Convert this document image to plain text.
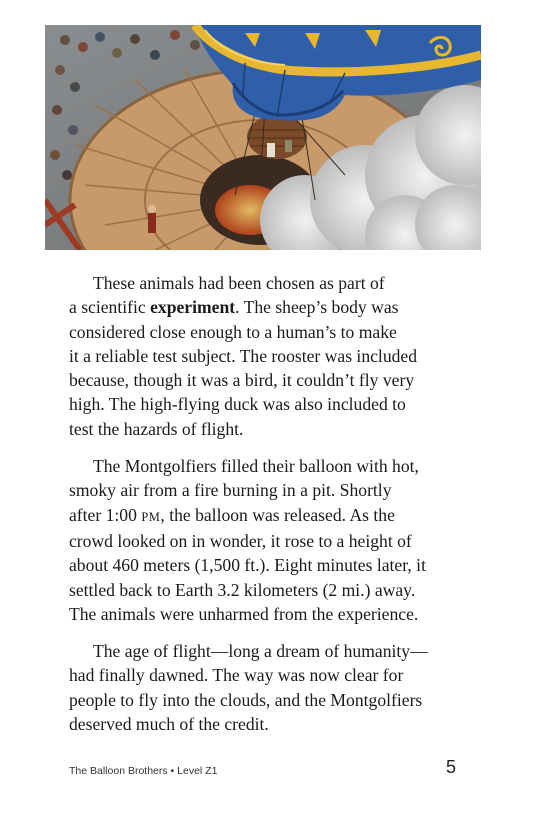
These animals had been chosen as part of
a scientific experiment. The sheep’s body was
considered close enough to a human’s to make
it a reliable test subject. The rooster was included
because, though it was a bird, it couldn’t fly very
high. The high-flying duck was also included to
test the hazards of flight.

The Montgolfiers filled their balloon with hot,
smoky air from a fire burning in a pit. Shortly
after 1:00 PM, the balloon was released. As the
crowd looked on in wonder, it rose to a height of
about 460 meters (1,500 ft.). Eight minutes later, it
settled back to Earth 3.2 kilometers (2 mi.) away.
The animals were unharmed from the experience.

The age of flight—long a dream of humanity—
had finally dawned. The way was now clear for
people to fly into the clouds, and the Montgolfiers
deserved much of the credit.

The Balloon Brothers • Level Z1	5
